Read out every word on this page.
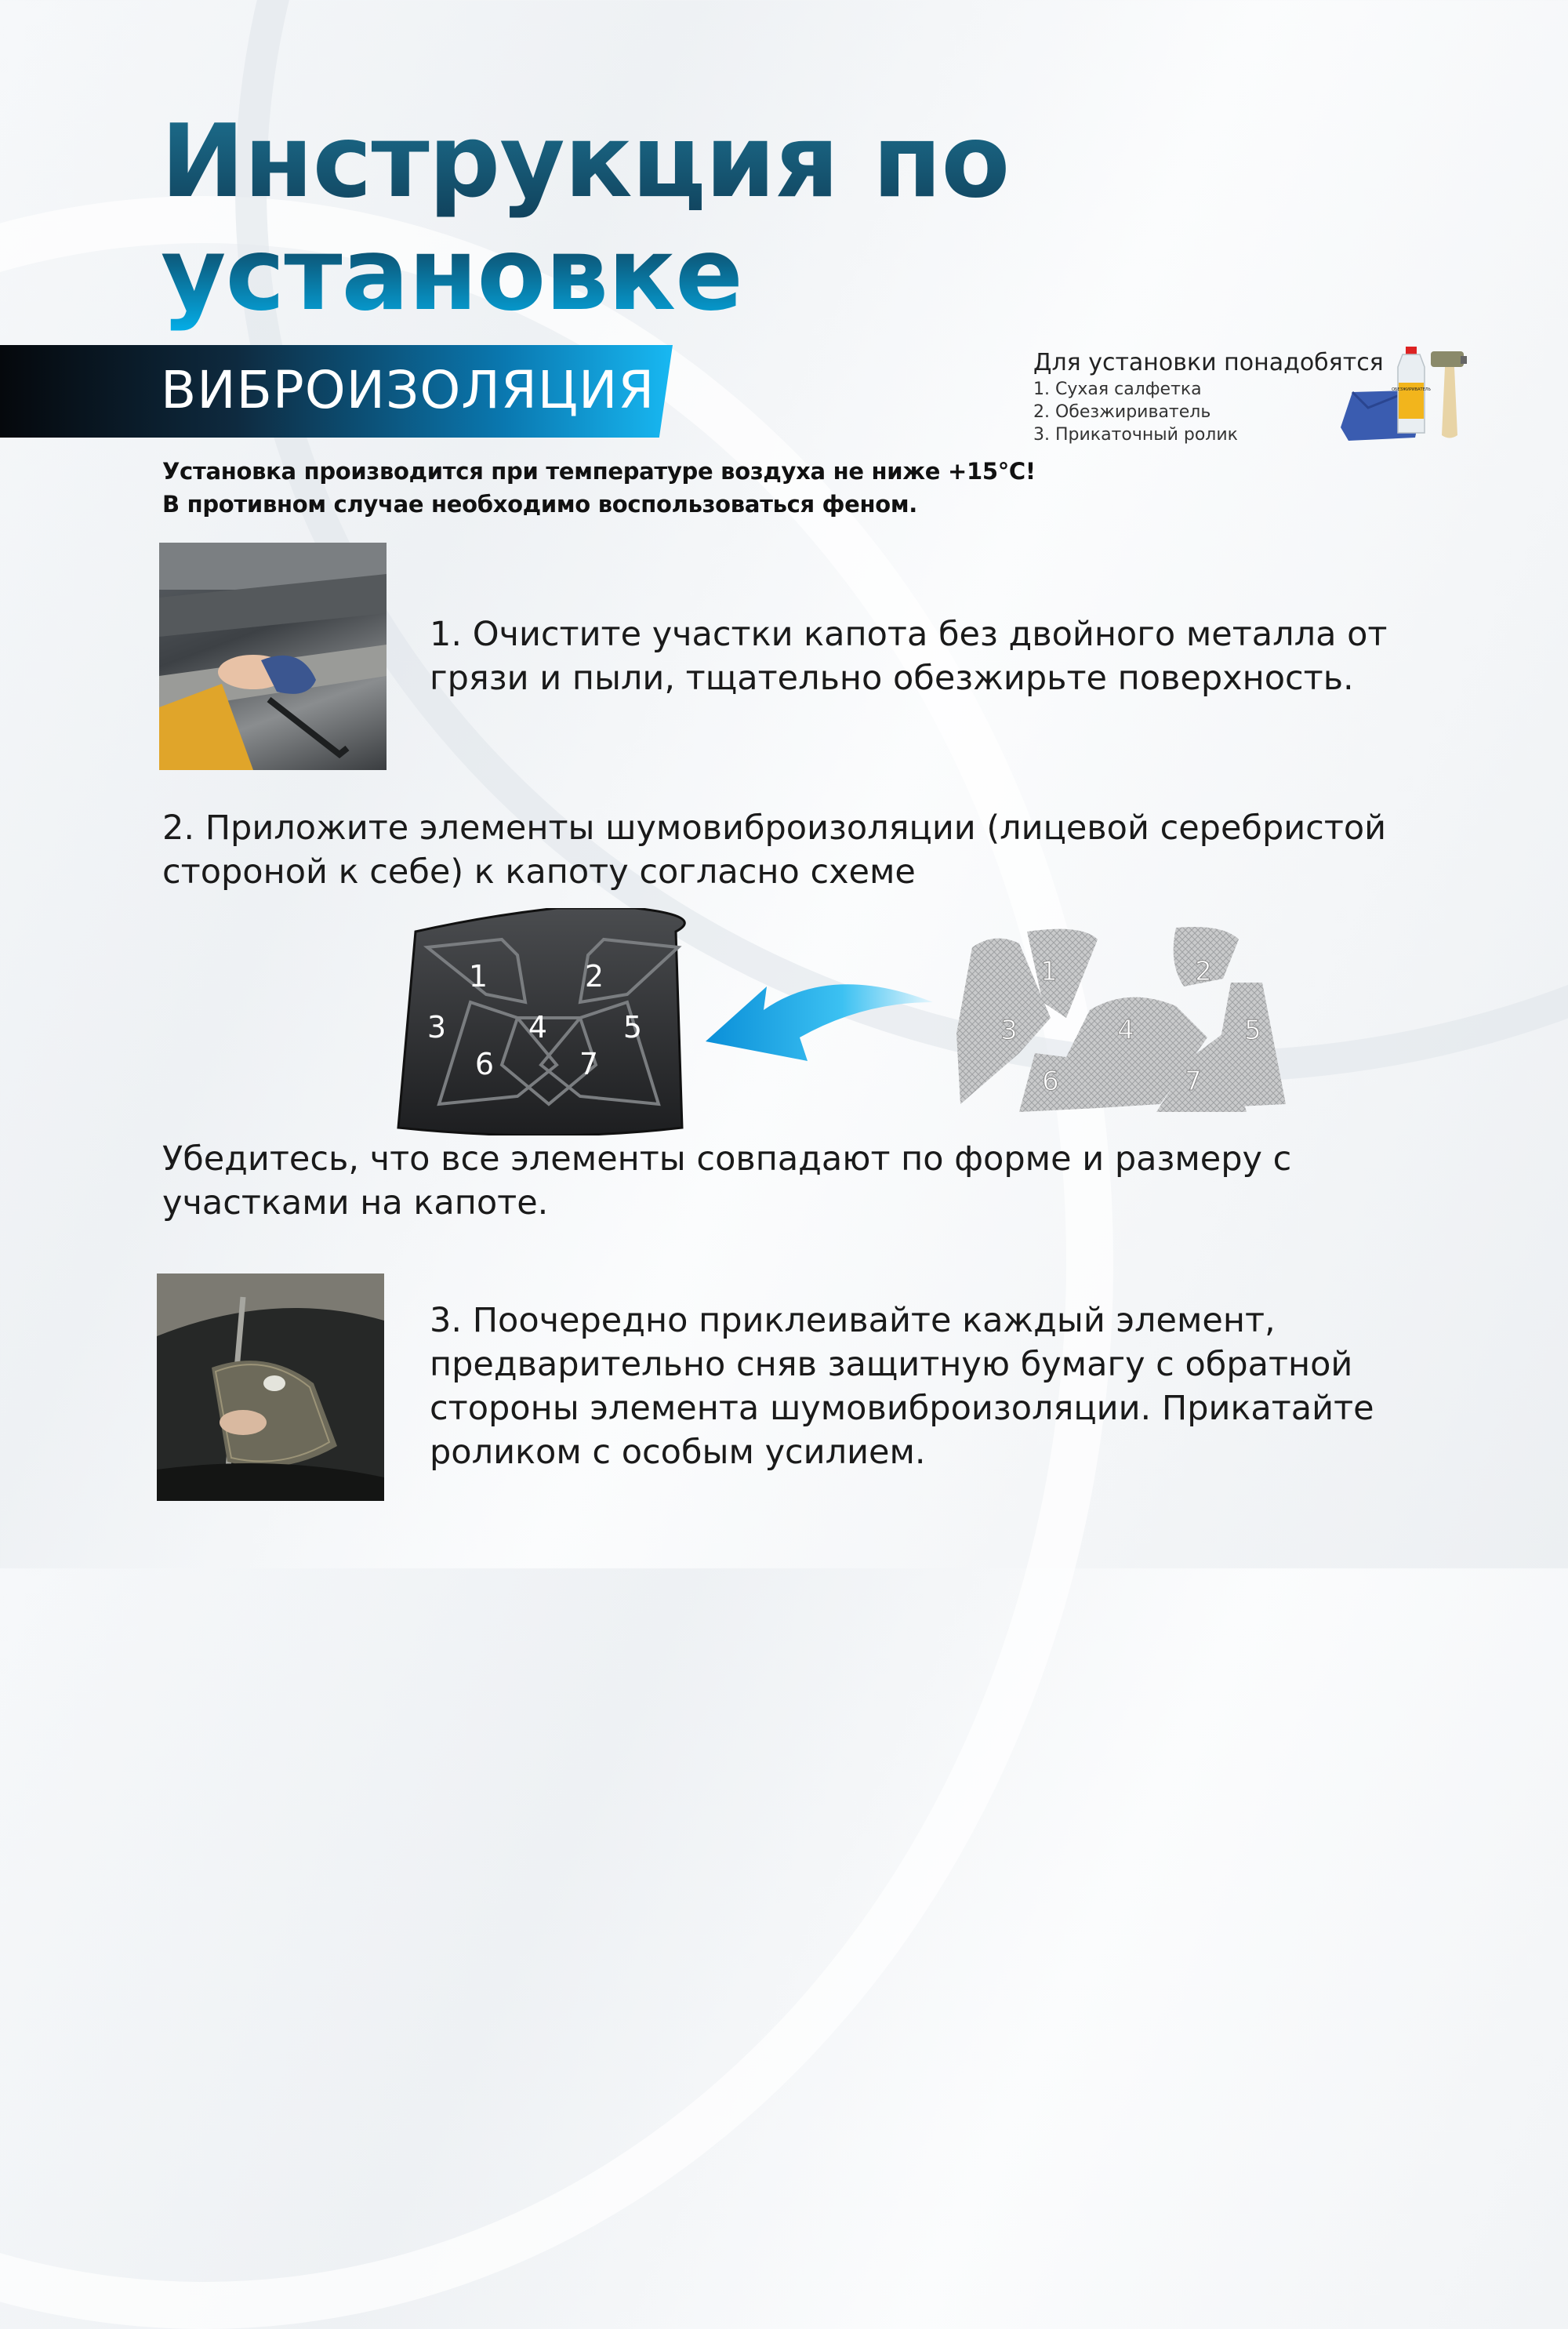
Инструкция по
установке
ВИБРОИЗОЛЯЦИЯ	Для установки понадобятся
1. Сухая салфетка
2. Обезжириватель
3. Прикаточный ролик
ОБЕЗЖИРИВАТЕЛЬ
Установка производится при температуре воздуха не ниже +15°С!
В противном случае необходимо воспользоваться феном.
1. Очистите участки капота без двойного металла от
грязи и пыли, тщательно обезжирьте поверхность.
2. Приложите элементы шумовиброизоляции (лицевой серебристой
стороной к себе) к капоту согласно схеме
1	2
3	4	5
6	7
1	2
3	4	5
6	7
Убедитесь, что все элементы совпадают по форме и размеру с
участками на капоте.
3. Поочередно приклеивайте каждый элемент,
предварительно сняв защитную бумагу с обратной
стороны элемента шумовиброизоляции. Прикатайте
роликом с особым усилием.
